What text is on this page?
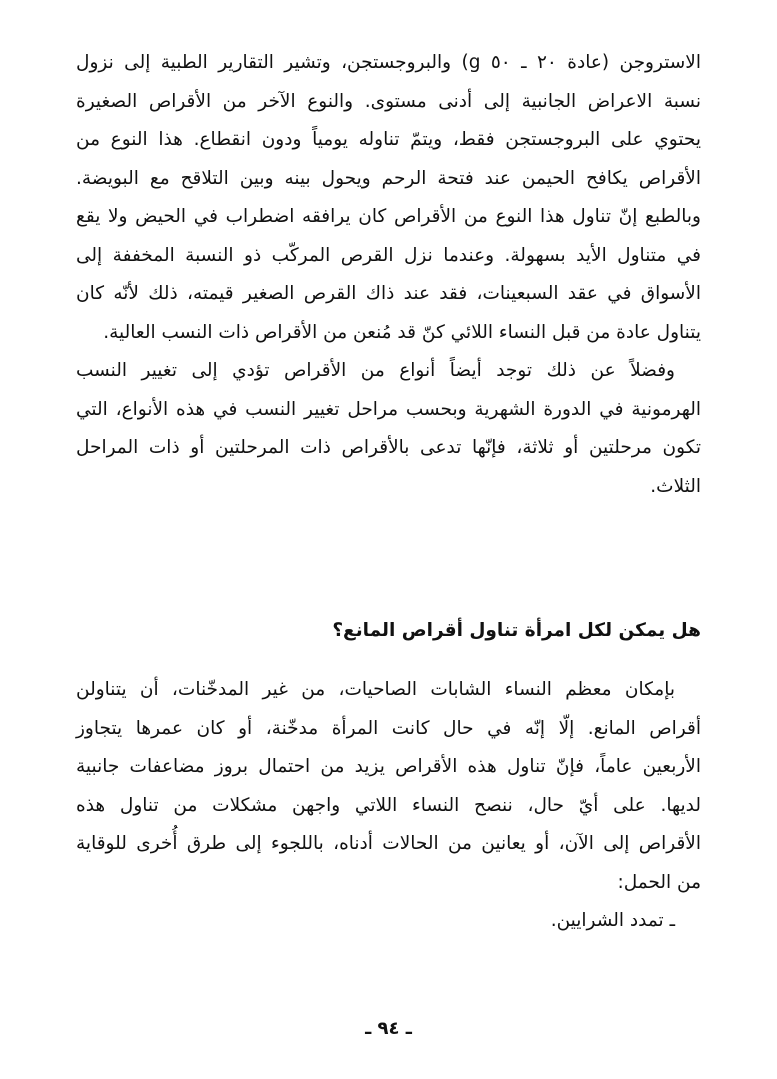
الاستروجن (عادة ٢٠ ـ ٥٠ g) والبروجستجن، وتشير التقارير الطبية إلى نزول
نسبة الاعراض الجانبية إلى أدنى مستوى. والنوع الآخر من الأقراص الصغيرة
يحتوي على البروجستجن فقط، ويتمّ تناوله يومياً ودون انقطاع. هذا النوع من
الأقراص يكافح الحيمن عند فتحة الرحم ويحول بينه وبين التلاقح مع البويضة.
وبالطبع إنّ تناول هذا النوع من الأقراص كان يرافقه اضطراب في الحيض ولا يقع
في متناول الأيد بسهولة. وعندما نزل القرص المركّب ذو النسبة المخففة إلى
الأسواق في عقد السبعينات، فقد عند ذاك القرص الصغير قيمته، ذلك لأنّه كان
يتناول عادة من قبل النساء اللائي كنّ قد مُنعن من الأقراص ذات النسب العالية.
وفضلاً عن ذلك توجد أيضاً أنواع من الأقراص تؤدي إلى تغيير النسب
الهرمونية في الدورة الشهرية وبحسب مراحل تغيير النسب في هذه الأنواع، التي
تكون مرحلتين أو ثلاثة، فإنّها تدعى بالأقراص ذات المرحلتين أو ذات المراحل
الثلاث.
هل يمكن لكل امرأة تناول أقراص المانع؟
بإمكان معظم النساء الشابات الصاحيات، من غير المدخّنات، أن يتناولن
أقراص المانع. إلّا إنّه في حال كانت المرأة مدخّنة، أو كان عمرها يتجاوز
الأربعين عاماً، فإنّ تناول هذه الأقراص يزيد من احتمال بروز مضاعفات جانبية
لديها. على أيّ حال، ننصح النساء اللاتي واجهن مشكلات من تناول هذه
الأقراص إلى الآن، أو يعانين من الحالات أدناه، باللجوء إلى طرق أُخرى للوقاية
من الحمل:
ـ تمدد الشرايين.
ـ ٩٤ ـ
